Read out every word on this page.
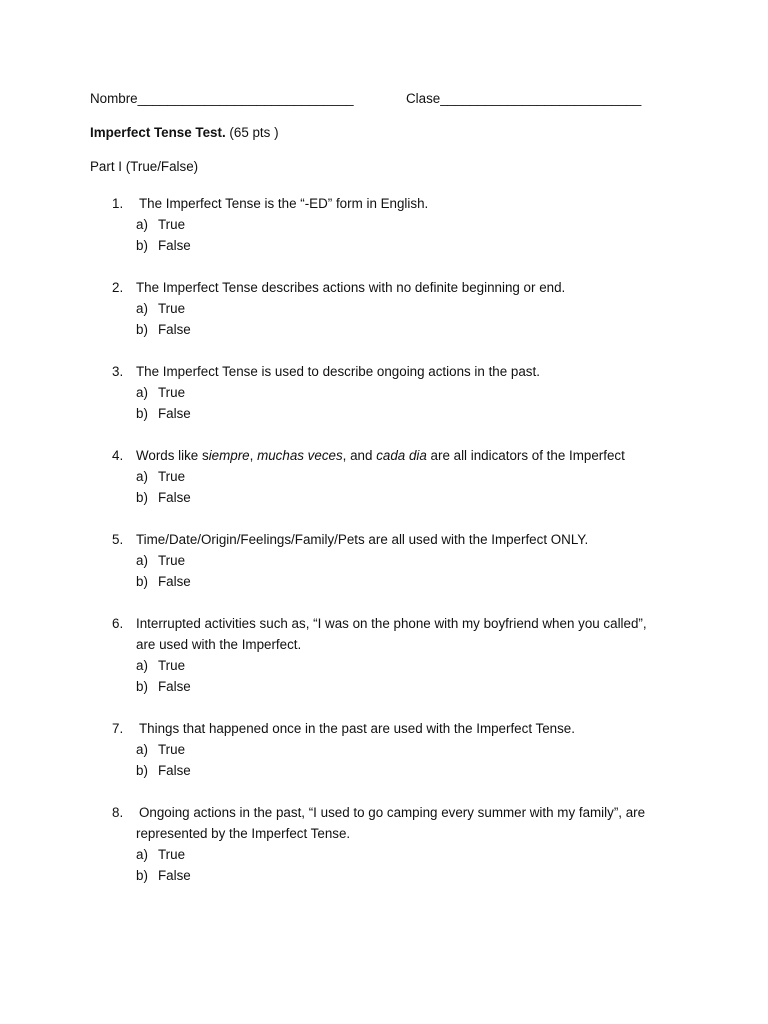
Nombre_____________________________	Clase___________________________
Imperfect Tense Test. (65 pts )
Part I (True/False)
1. The Imperfect Tense is the “-ED” form in English.
a) True
b) False
2. The Imperfect Tense describes actions with no definite beginning or end.
a) True
b) False
3. The Imperfect Tense is used to describe ongoing actions in the past.
a) True
b) False
4. Words like siempre, muchas veces, and cada dia are all indicators of the Imperfect
a) True
b) False
5. Time/Date/Origin/Feelings/Family/Pets are all used with the Imperfect ONLY.
a) True
b) False
6. Interrupted activities such as, “I was on the phone with my boyfriend when you called”,
are used with the Imperfect.
a) True
b) False
7. Things that happened once in the past are used with the Imperfect Tense.
a) True
b) False
8. Ongoing actions in the past, “I used to go camping every summer with my family”, are
represented by the Imperfect Tense.
a) True
b) False
